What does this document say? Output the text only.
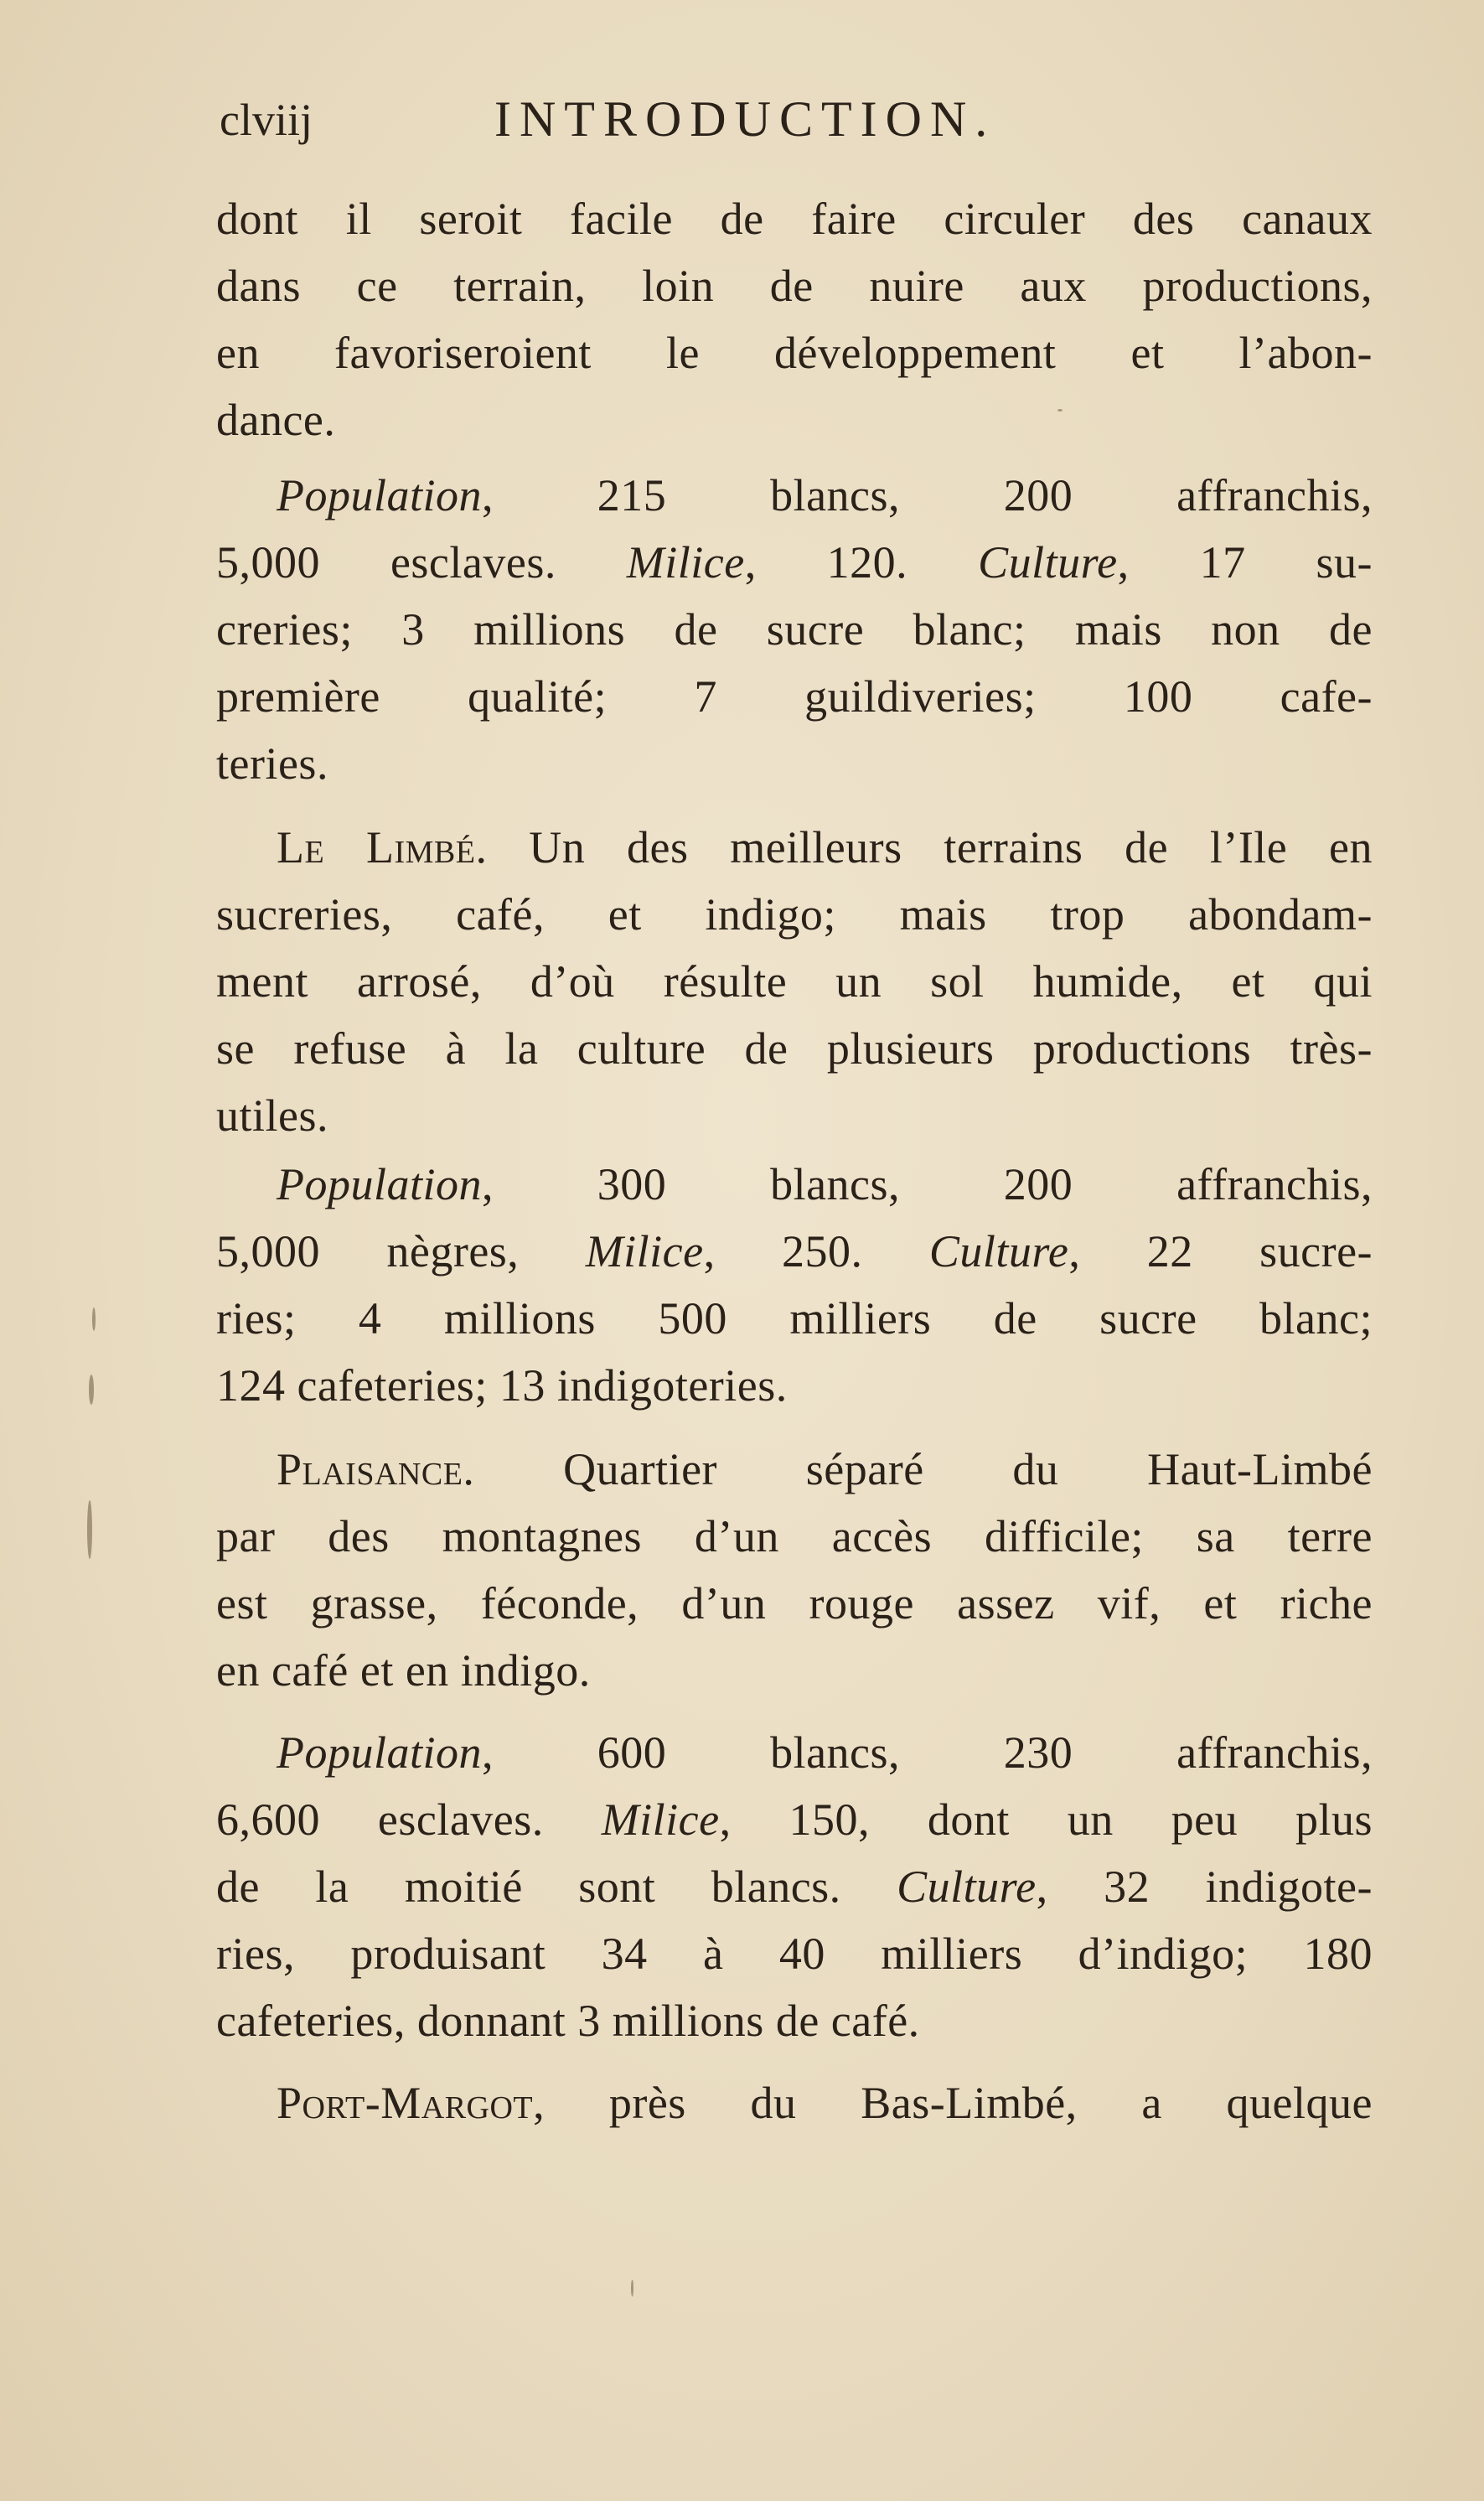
clviij	INTRODUCTION.
dont il seroit facile de faire circuler des canaux
dans ce terrain, loin de nuire aux productions,
en favoriseroient le développement et l’abon-
dance.
Population, 215 blancs, 200 affranchis,
5,000 esclaves. Milice, 120. Culture, 17 su-
creries; 3 millions de sucre blanc; mais non de
première qualité; 7 guildiveries; 100 cafe-
teries.
Le Limbé. Un des meilleurs terrains de l’Ile en
sucreries, café, et indigo; mais trop abondam-
ment arrosé, d’où résulte un sol humide, et qui
se refuse à la culture de plusieurs productions très-
utiles.
Population, 300 blancs, 200 affranchis,
5,000 nègres, Milice, 250. Culture, 22 sucre-
ries; 4 millions 500 milliers de sucre blanc;
124 cafeteries; 13 indigoteries.
Plaisance. Quartier séparé du Haut-Limbé
par des montagnes d’un accès difficile; sa terre
est grasse, féconde, d’un rouge assez vif, et riche
en café et en indigo.
Population, 600 blancs, 230 affranchis,
6,600 esclaves. Milice, 150, dont un peu plus
de la moitié sont blancs. Culture, 32 indigote-
ries, produisant 34 à 40 milliers d’indigo; 180
cafeteries, donnant 3 millions de café.
Port-Margot, près du Bas-Limbé, a quelque
